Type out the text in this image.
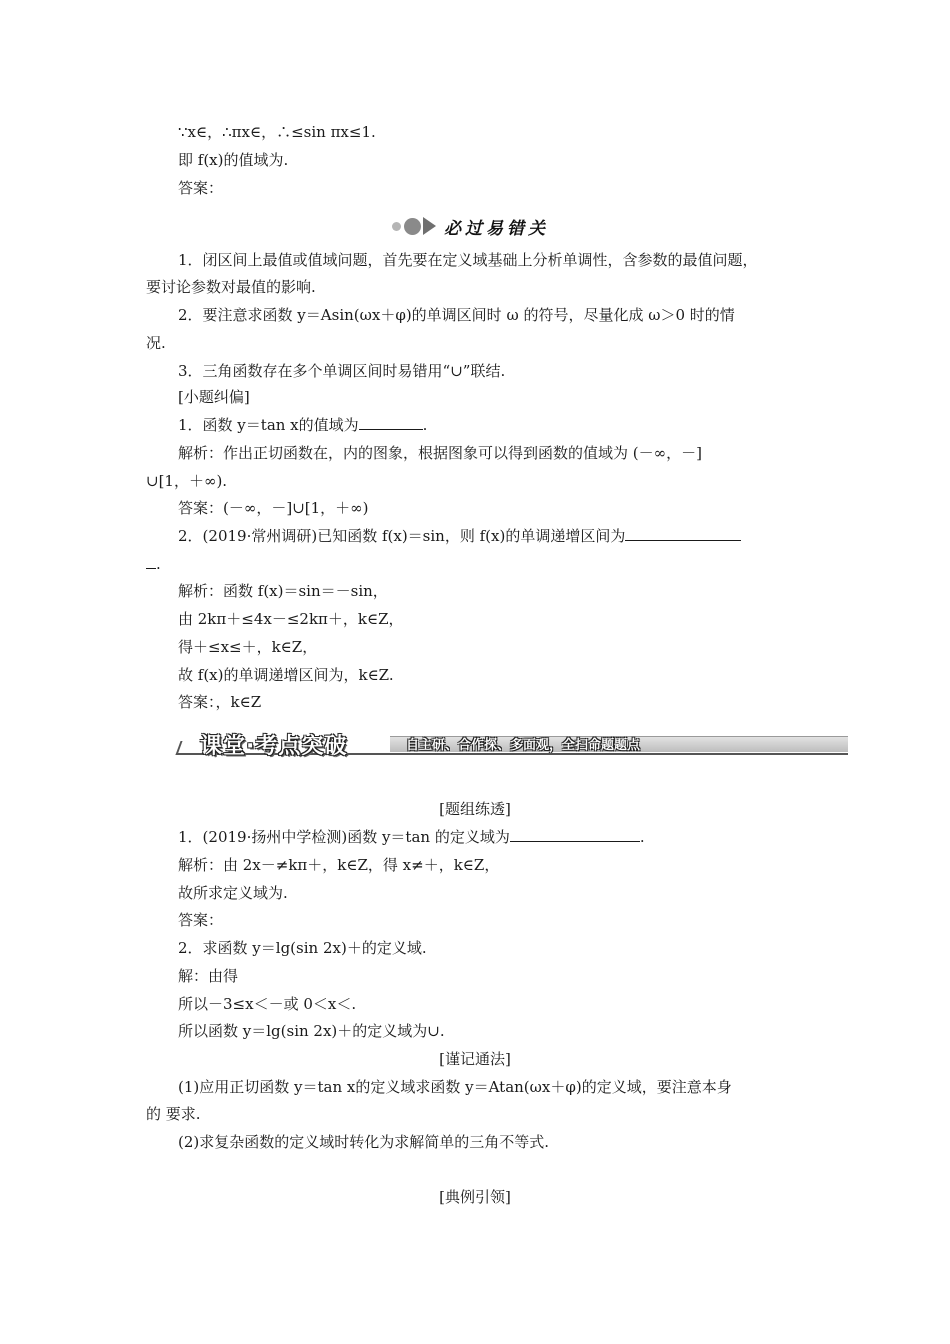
∵x∈，∴πx∈，∴≤sin πx≤1.
即 f(x)的值域为.
答案：
必过易错关
1．闭区间上最值或值域问题，首先要在定义域基础上分析单调性，含参数的最值问题，
要讨论参数对最值的影响.
2．要注意求函数 y＝Asin(ωx＋φ)的单调区间时 ω 的符号，尽量化成 ω＞0 时的情
况.
3．三角函数存在多个单调区间时易错用“∪”联结.
[小题纠偏]
1．函数 y＝tan x的值域为	.
解析：作出正切函数在，内的图象，根据图象可以得到函数的值域为 (－∞，－]
∪[1，＋∞).
答案：(－∞，－]∪[1，＋∞)
2．(2019·常州调研)已知函数 f(x)＝sin，则 f(x)的单调递增区间为
.
解析：函数 f(x)＝sin＝－sin，
由 2kπ＋≤4x－≤2kπ＋，k∈Z，
得＋≤x≤＋，k∈Z，
故 f(x)的单调递增区间为，k∈Z.
答案：，k∈Z
课堂·考点突破	自主研、合作探、多面观，全扫命题题点
[题组练透]
1．(2019·扬州中学检测)函数 y＝tan 的定义域为	.
解析：由 2x－≠kπ＋，k∈Z，得 x≠＋，k∈Z，
故所求定义域为.
答案：
2．求函数 y＝lg(sin 2x)＋的定义域.
解：由得
所以－3≤x＜－或 0＜x＜.
所以函数 y＝lg(sin 2x)＋的定义域为∪.
[谨记通法]
(1)应用正切函数 y＝tan x的定义域求函数 y＝Atan(ωx＋φ)的定义域，要注意本身
的 要求.
(2)求复杂函数的定义域时转化为求解简单的三角不等式.
[典例引领]
